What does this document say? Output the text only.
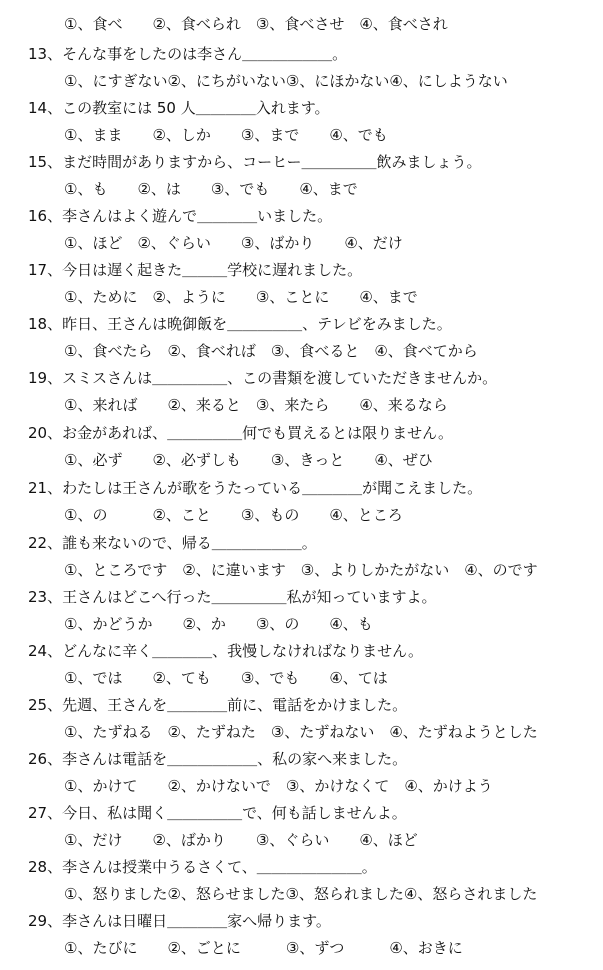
①、食べ　　②、食べられ　③、食べさせ　④、食べされ
13、そんな事をしたのは李さん＿＿＿＿＿＿。
①、にすぎない②、にちがいない③、にほかない④、にしようない
14、この教室には 50 人＿＿＿＿入れます。
①、まま　　②、しか　　③、まで　　④、でも
15、まだ時間がありますから、コーヒー＿＿＿＿＿飲みましょう。
①、も　　②、は　　③、でも　　④、まで
16、李さんはよく遊んで＿＿＿＿いました。
①、ほど　②、ぐらい　　③、ばかり　　④、だけ
17、今日は遅く起きた＿＿＿学校に遅れました。
①、ために　②、ように　　③、ことに　　④、まで
18、昨日、王さんは晩御飯を＿＿＿＿＿、テレビをみました。
①、食べたら　②、食べれば　③、食べると　④、食べてから
19、スミスさんは＿＿＿＿＿、この書類を渡していただきませんか。
①、来れば　　②、来ると　③、来たら　　④、来るなら
20、お金があれば、＿＿＿＿＿何でも買えるとは限りません。
①、必ず　　②、必ずしも　　③、きっと　　④、ぜひ
21、わたしは王さんが歌をうたっている＿＿＿＿が聞こえました。
①、の　　　②、こと　　③、もの　　④、ところ
22、誰も来ないので、帰る＿＿＿＿＿＿。
①、ところです　②、に違います　③、よりしかたがない　④、のです
23、王さんはどこへ行った＿＿＿＿＿私が知っていますよ。
①、かどうか　　②、か　　③、の　　④、も
24、どんなに辛く＿＿＿＿、我慢しなければなりません。
①、では　　②、ても　　③、でも　　④、ては
25、先週、王さんを＿＿＿＿前に、電話をかけました。
①、たずねる　②、たずねた　③、たずねない　④、たずねようとした
26、李さんは電話を＿＿＿＿＿＿、私の家へ来ました。
①、かけて　　②、かけないで　③、かけなくて　④、かけよう
27、今日、私は聞く＿＿＿＿＿で、何も話しませんよ。
①、だけ　　②、ばかり　　③、ぐらい　　④、ほど
28、李さんは授業中うるさくて、＿＿＿＿＿＿＿。
①、怒りました②、怒らせました③、怒られました④、怒らされました
29、李さんは日曜日＿＿＿＿家へ帰ります。
①、たびに　　②、ごとに　　　③、ずつ　　　④、おきに
